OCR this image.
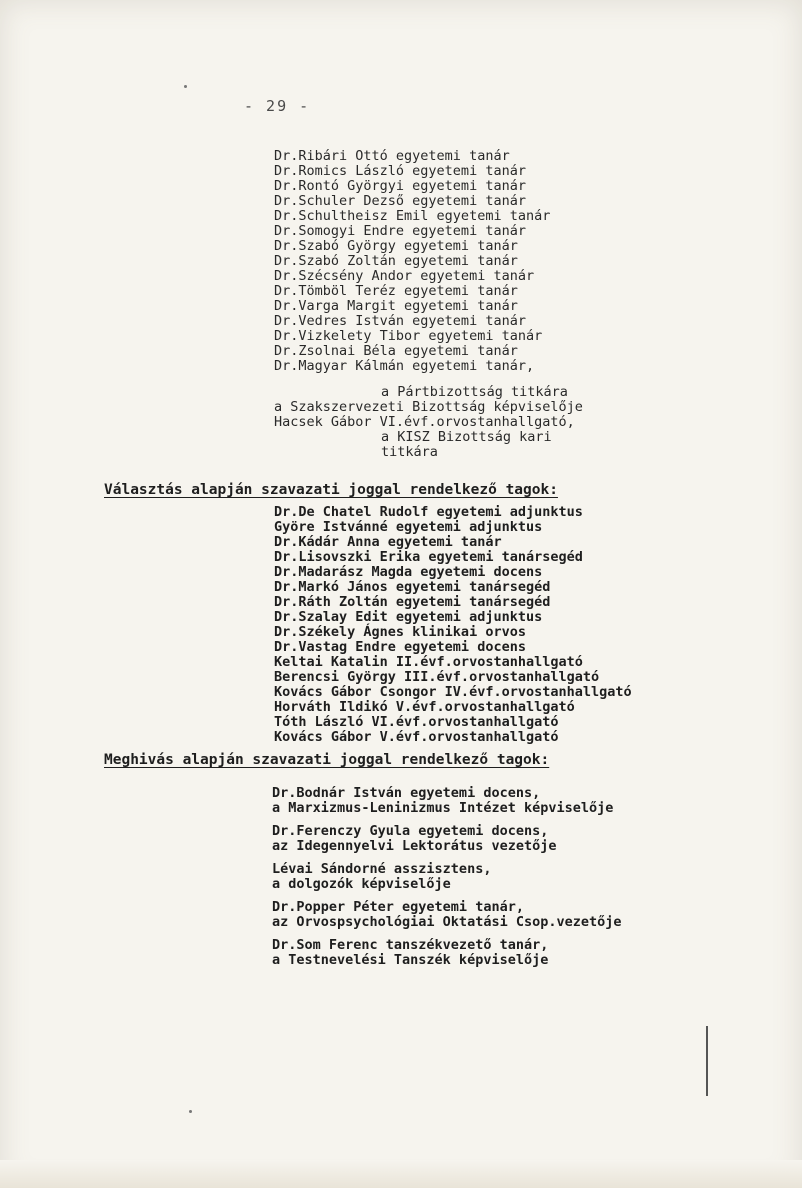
- 29 -
Dr.Ribári Ottó egyetemi tanár
Dr.Romics László egyetemi tanár
Dr.Rontó Györgyi egyetemi tanár
Dr.Schuler Dezső egyetemi tanár
Dr.Schultheisz Emil egyetemi tanár
Dr.Somogyi Endre egyetemi tanár
Dr.Szabó György egyetemi tanár
Dr.Szabó Zoltán egyetemi tanár
Dr.Szécsény Andor egyetemi tanár
Dr.Tömböl Teréz egyetemi tanár
Dr.Varga Margit egyetemi tanár
Dr.Vedres István egyetemi tanár
Dr.Vizkelety Tibor egyetemi tanár
Dr.Zsolnai Béla egyetemi tanár
Dr.Magyar Kálmán egyetemi tanár,
a Pártbizottság titkára
a Szakszervezeti Bizottság képviselője
Hacsek Gábor VI.évf.orvostanhallgató,
a KISZ Bizottság kari
titkára
Választás alapján szavazati joggal rendelkező tagok:
Dr.De Chatel Rudolf egyetemi adjunktus
Györe Istvánné egyetemi adjunktus
Dr.Kádár Anna egyetemi tanár
Dr.Lisovszki Erika egyetemi tanársegéd
Dr.Madarász Magda egyetemi docens
Dr.Markó János egyetemi tanársegéd
Dr.Ráth Zoltán egyetemi tanársegéd
Dr.Szalay Edit egyetemi adjunktus
Dr.Székely Ágnes klinikai orvos
Dr.Vastag Endre egyetemi docens
Keltai Katalin II.évf.orvostanhallgató
Berencsi György III.évf.orvostanhallgató
Kovács Gábor Csongor IV.évf.orvostanhallgató
Horváth Ildikó V.évf.orvostanhallgató
Tóth László VI.évf.orvostanhallgató
Kovács Gábor V.évf.orvostanhallgató
Meghivás alapján szavazati joggal rendelkező tagok:
Dr.Bodnár István egyetemi docens,
a Marxizmus-Leninizmus Intézet képviselője
Dr.Ferenczy Gyula egyetemi docens,
az Idegennyelvi Lektorátus vezetője
Lévai Sándorné asszisztens,
a dolgozók képviselője
Dr.Popper Péter egyetemi tanár,
az Orvospsychológiai Oktatási Csop.vezetője
Dr.Som Ferenc tanszékvezető tanár,
a Testnevelési Tanszék képviselője
